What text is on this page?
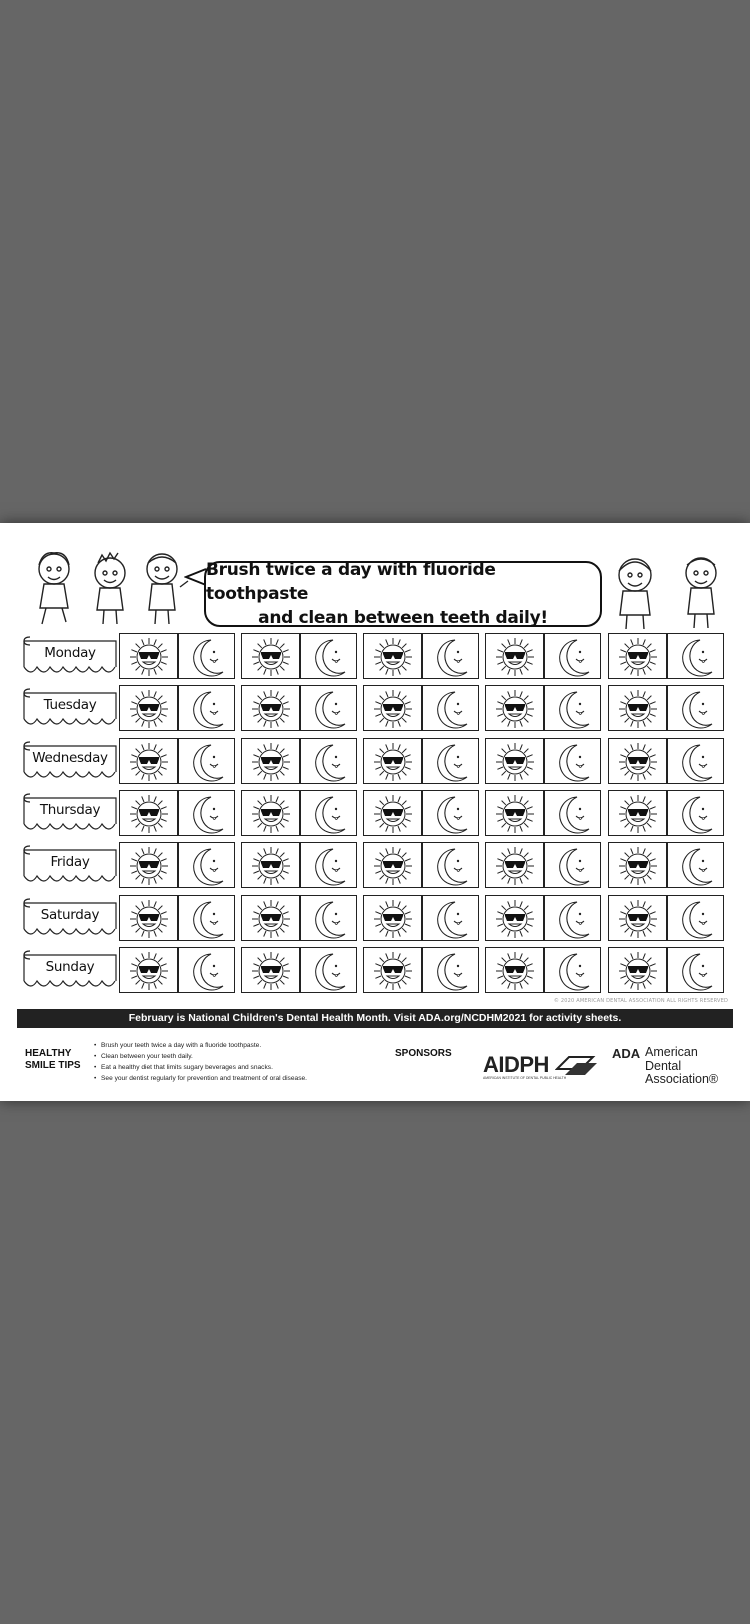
Brush twice a day with fluoride toothpaste
and clean between teeth daily!
Monday
Tuesday
Wednesday
Thursday
Friday
Saturday
Sunday
© 2020 AMERICAN DENTAL ASSOCIATION ALL RIGHTS RESERVED
February is National Children's Dental Health Month. Visit ADA.org/NCDHM2021 for activity sheets.
HEALTHY
SMILE TIPS
• Brush your teeth twice a day with a fluoride toothpaste.
• Clean between your teeth daily.
• Eat a healthy diet that limits sugary beverages and snacks.
• See your dentist regularly for prevention and treatment of oral disease.
SPONSORS AIDPH
AMERICAN INSTITUTE OF DENTAL PUBLIC HEALTH
ADA American
Dental
Association®
